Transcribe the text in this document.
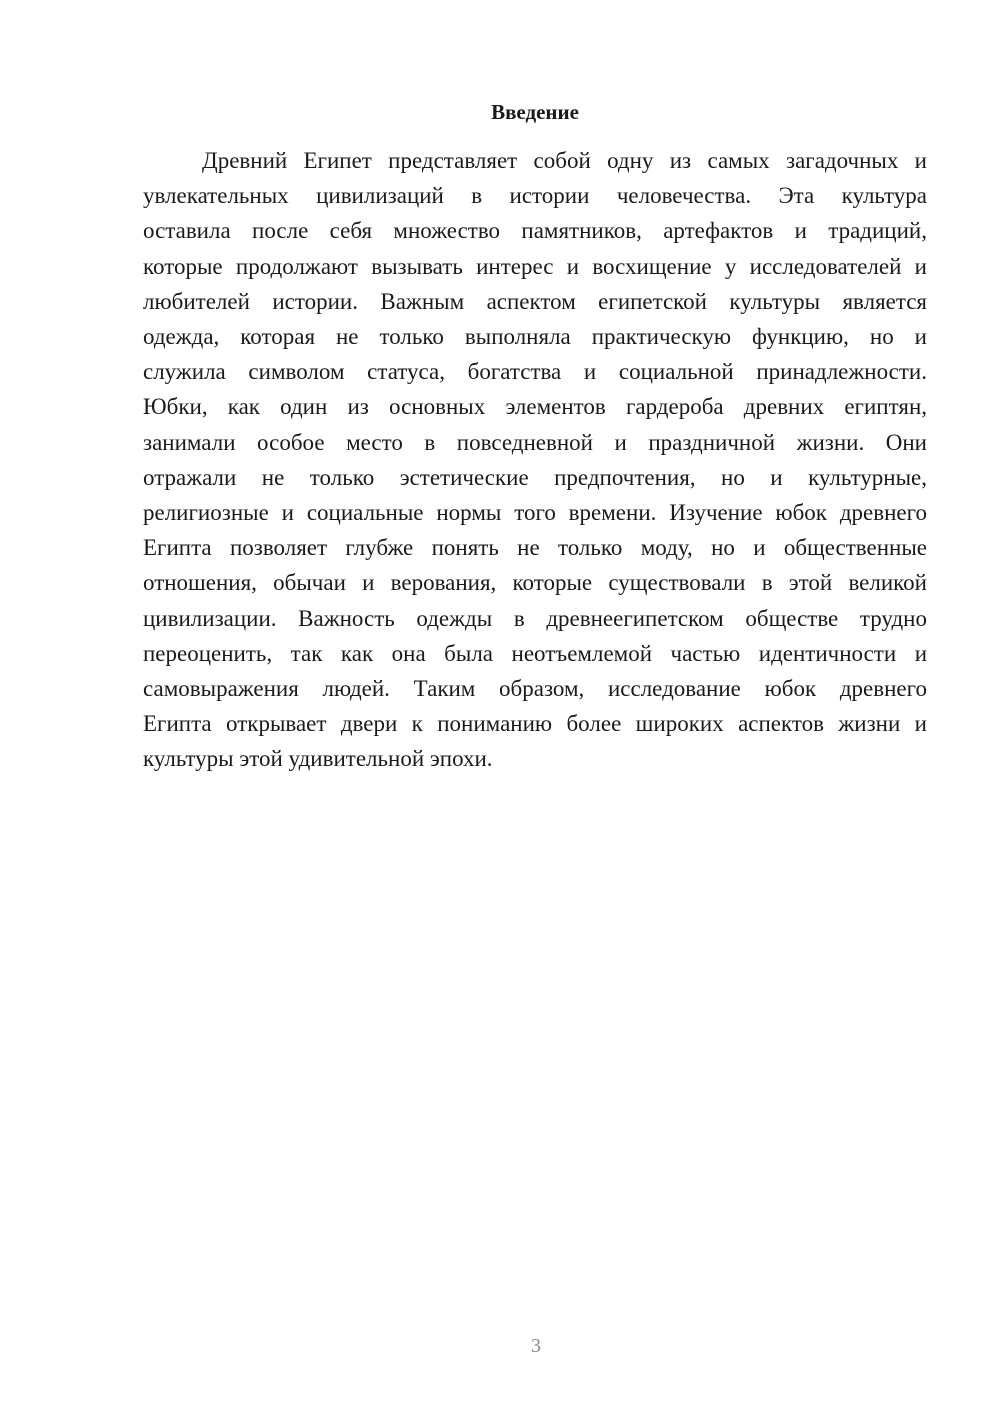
Введение

Древний Египет представляет собой одну из самых загадочных и
увлекательных цивилизаций в истории человечества. Эта культура
оставила после себя множество памятников, артефактов и традиций,
которые продолжают вызывать интерес и восхищение у исследователей и
любителей истории. Важным аспектом египетской культуры является
одежда, которая не только выполняла практическую функцию, но и
служила символом статуса, богатства и социальной принадлежности.
Юбки, как один из основных элементов гардероба древних египтян,
занимали особое место в повседневной и праздничной жизни. Они
отражали не только эстетические предпочтения, но и культурные,
религиозные и социальные нормы того времени. Изучение юбок древнего
Египта позволяет глубже понять не только моду, но и общественные
отношения, обычаи и верования, которые существовали в этой великой
цивилизации. Важность одежды в древнеегипетском обществе трудно
переоценить, так как она была неотъемлемой частью идентичности и
самовыражения людей. Таким образом, исследование юбок древнего
Египта открывает двери к пониманию более широких аспектов жизни и
культуры этой удивительной эпохи.

3
